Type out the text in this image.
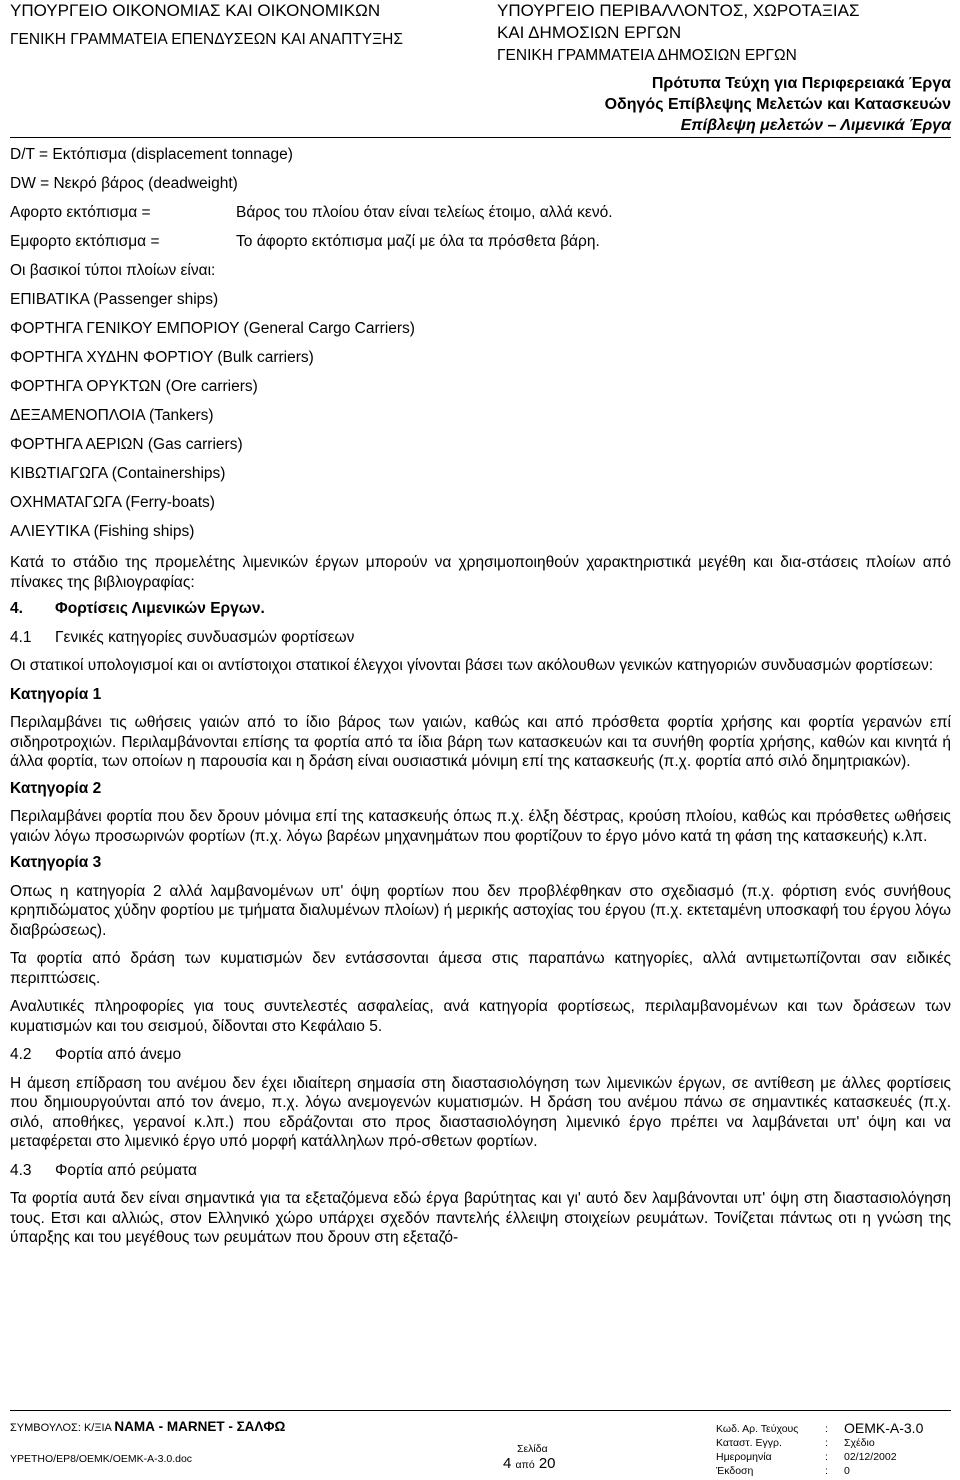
ΥΠΟΥΡΓΕΙΟ ΟΙΚΟΝΟΜΙΑΣ ΚΑΙ ΟΙΚΟΝΟΜΙΚΩΝ
ΓΕΝΙΚΗ ΓΡΑΜΜΑΤΕΙΑ ΕΠΕΝΔΥΣΕΩΝ ΚΑΙ ΑΝΑΠΤΥΞΗΣ
ΥΠΟΥΡΓΕΙΟ ΠΕΡΙΒΑΛΛΟΝΤΟΣ, ΧΩΡΟΤΑΞΙΑΣ
ΚΑΙ ΔΗΜΟΣΙΩΝ ΕΡΓΩΝ
ΓΕΝΙΚΗ ΓΡΑΜΜΑΤΕΙΑ ΔΗΜΟΣΙΩΝ ΕΡΓΩΝ
Πρότυπα Τεύχη για Περιφερειακά Έργα
Οδηγός Επίβλεψης Μελετών και Κατασκευών
Επίβλεψη μελετών – Λιμενικά Έργα
D/T = Εκτόπισμα (displacement tonnage)
DW = Νεκρό βάρος (deadweight)
Αφορτο εκτόπισμα =	Βάρος του πλοίου όταν είναι τελείως έτοιμο, αλλά κενό.
Εμφορτο εκτόπισμα =	Το άφορτο εκτόπισμα μαζί με όλα τα πρόσθετα βάρη.
Οι βασικοί τύποι πλοίων είναι:
ΕΠΙΒΑΤΙΚΑ (Passenger ships)
ΦΟΡΤΗΓΑ ΓΕΝΙΚΟΥ ΕΜΠΟΡΙΟΥ (General Cargo Carriers)
ΦΟΡΤΗΓΑ ΧΥΔΗΝ ΦΟΡΤΙΟΥ (Bulk carriers)
ΦΟΡΤΗΓΑ ΟΡΥΚΤΩΝ (Ore carriers)
ΔΕΞΑΜΕΝΟΠΛΟΙΑ (Tankers)
ΦΟΡΤΗΓΑ ΑΕΡΙΩΝ (Gas carriers)
ΚΙΒΩΤΙΑΓΩΓΑ (Containerships)
ΟΧΗΜΑΤΑΓΩΓΑ (Ferry-boats)
ΑΛΙΕΥΤΙΚΑ (Fishing ships)

Κατά το στάδιο της προμελέτης λιμενικών έργων μπορούν να χρησιμοποιηθούν χαρακτηριστικά μεγέθη και δια-στάσεις πλοίων από πίνακες της βιβλιογραφίας:

4. Φορτίσεις Λιμενικών Εργων.
4.1 Γενικές κατηγορίες συνδυασμών φορτίσεων

Οι στατικοί υπολογισμοί και οι αντίστοιχοι στατικοί έλεγχοι γίνονται βάσει των ακόλουθων γενικών κατηγοριών συνδυασμών φορτίσεων:

Κατηγορία 1

Περιλαμβάνει τις ωθήσεις γαιών από το ίδιο βάρος των γαιών, καθώς και από πρόσθετα φορτία χρήσης και φορτία γερανών επί σιδηροτροχιών. Περιλαμβάνονται επίσης τα φορτία από τα ίδια βάρη των κατασκευών και τα συνήθη φορτία χρήσης, καθών και κινητά ή άλλα φορτία, των οποίων η παρουσία και η δράση είναι ουσιαστικά μόνιμη επί της κατασκευής (π.χ. φορτία από σιλό δημητριακών).

Κατηγορία 2

Περιλαμβάνει φορτία που δεν δρουν μόνιμα επί της κατασκευής όπως π.χ. έλξη δέστρας, κρούση πλοίου, καθώς και πρόσθετες ωθήσεις γαιών λόγω προσωρινών φορτίων (π.χ. λόγω βαρέων μηχανημάτων που φορτίζουν το έργο μόνο κατά τη φάση της κατασκευής) κ.λπ.

Κατηγορία 3

Οπως η κατηγορία 2 αλλά λαμβανομένων υπ' όψη φορτίων που δεν προβλέφθηκαν στο σχεδιασμό (π.χ. φόρτιση ενός συνήθους κρηπιδώματος χύδην φορτίου με τμήματα διαλυμένων πλοίων) ή μερικής αστοχίας του έργου (π.χ. εκτεταμένη υποσκαφή του έργου λόγω διαβρώσεως).

Τα φορτία από δράση των κυματισμών δεν εντάσσονται άμεσα στις παραπάνω κατηγορίες, αλλά αντιμετωπίζονται σαν ειδικές περιπτώσεις.

Αναλυτικές πληροφορίες για τους συντελεστές ασφαλείας, ανά κατηγορία φορτίσεως, περιλαμβανομένων και των δράσεων των κυματισμών και του σεισμού, δίδονται στο Κεφάλαιο 5.

4.2 Φορτία από άνεμο

Η άμεση επίδραση του ανέμου δεν έχει ιδιαίτερη σημασία στη διαστασιολόγηση των λιμενικών έργων, σε αντίθεση με άλλες φορτίσεις που δημιουργούνται από τον άνεμο, π.χ. λόγω ανεμογενών κυματισμών. Η δράση του ανέμου πάνω σε σημαντικές κατασκευές (π.χ. σιλό, αποθήκες, γερανοί κ.λπ.) που εδράζονται στο προς διαστασιολόγηση λιμενικό έργο πρέπει να λαμβάνεται υπ' όψη και να μεταφέρεται στο λιμενικό έργο υπό μορφή κατάλληλων πρό-σθετων φορτίων.

4.3 Φορτία από ρεύματα

Τα φορτία αυτά δεν είναι σημαντικά για τα εξεταζόμενα εδώ έργα βαρύτητας και γι' αυτό δεν λαμβάνονται υπ' όψη στη διαστασιολόγηση τους. Ετσι και αλλιώς, στον Ελληνικό χώρο υπάρχει σχεδόν παντελής έλλειψη στοιχείων ρευμάτων. Τονίζεται πάντως οτι η γνώση της ύπαρξης και του μεγέθους των ρευμάτων που δρουν στη εξεταζό-

ΣΥΜΒΟΥΛΟΣ: Κ/ΞΙΑ ΝΑΜΑ - MARNET - ΣΑΛΦΩ
ΥΡΕΤΗΟ/ΕΡ8/ΟΕΜΚ/ΟΕΜΚ-Α-3.0.doc
Σελίδα
4 από 20
Κωδ. Αρ. Τεύχους	: ΟΕΜΚ-Α-3.0
Καταστ. Εγγρ.	: Σχέδιο
Ημερομηνία	: 02/12/2002
Έκδοση	: 0
